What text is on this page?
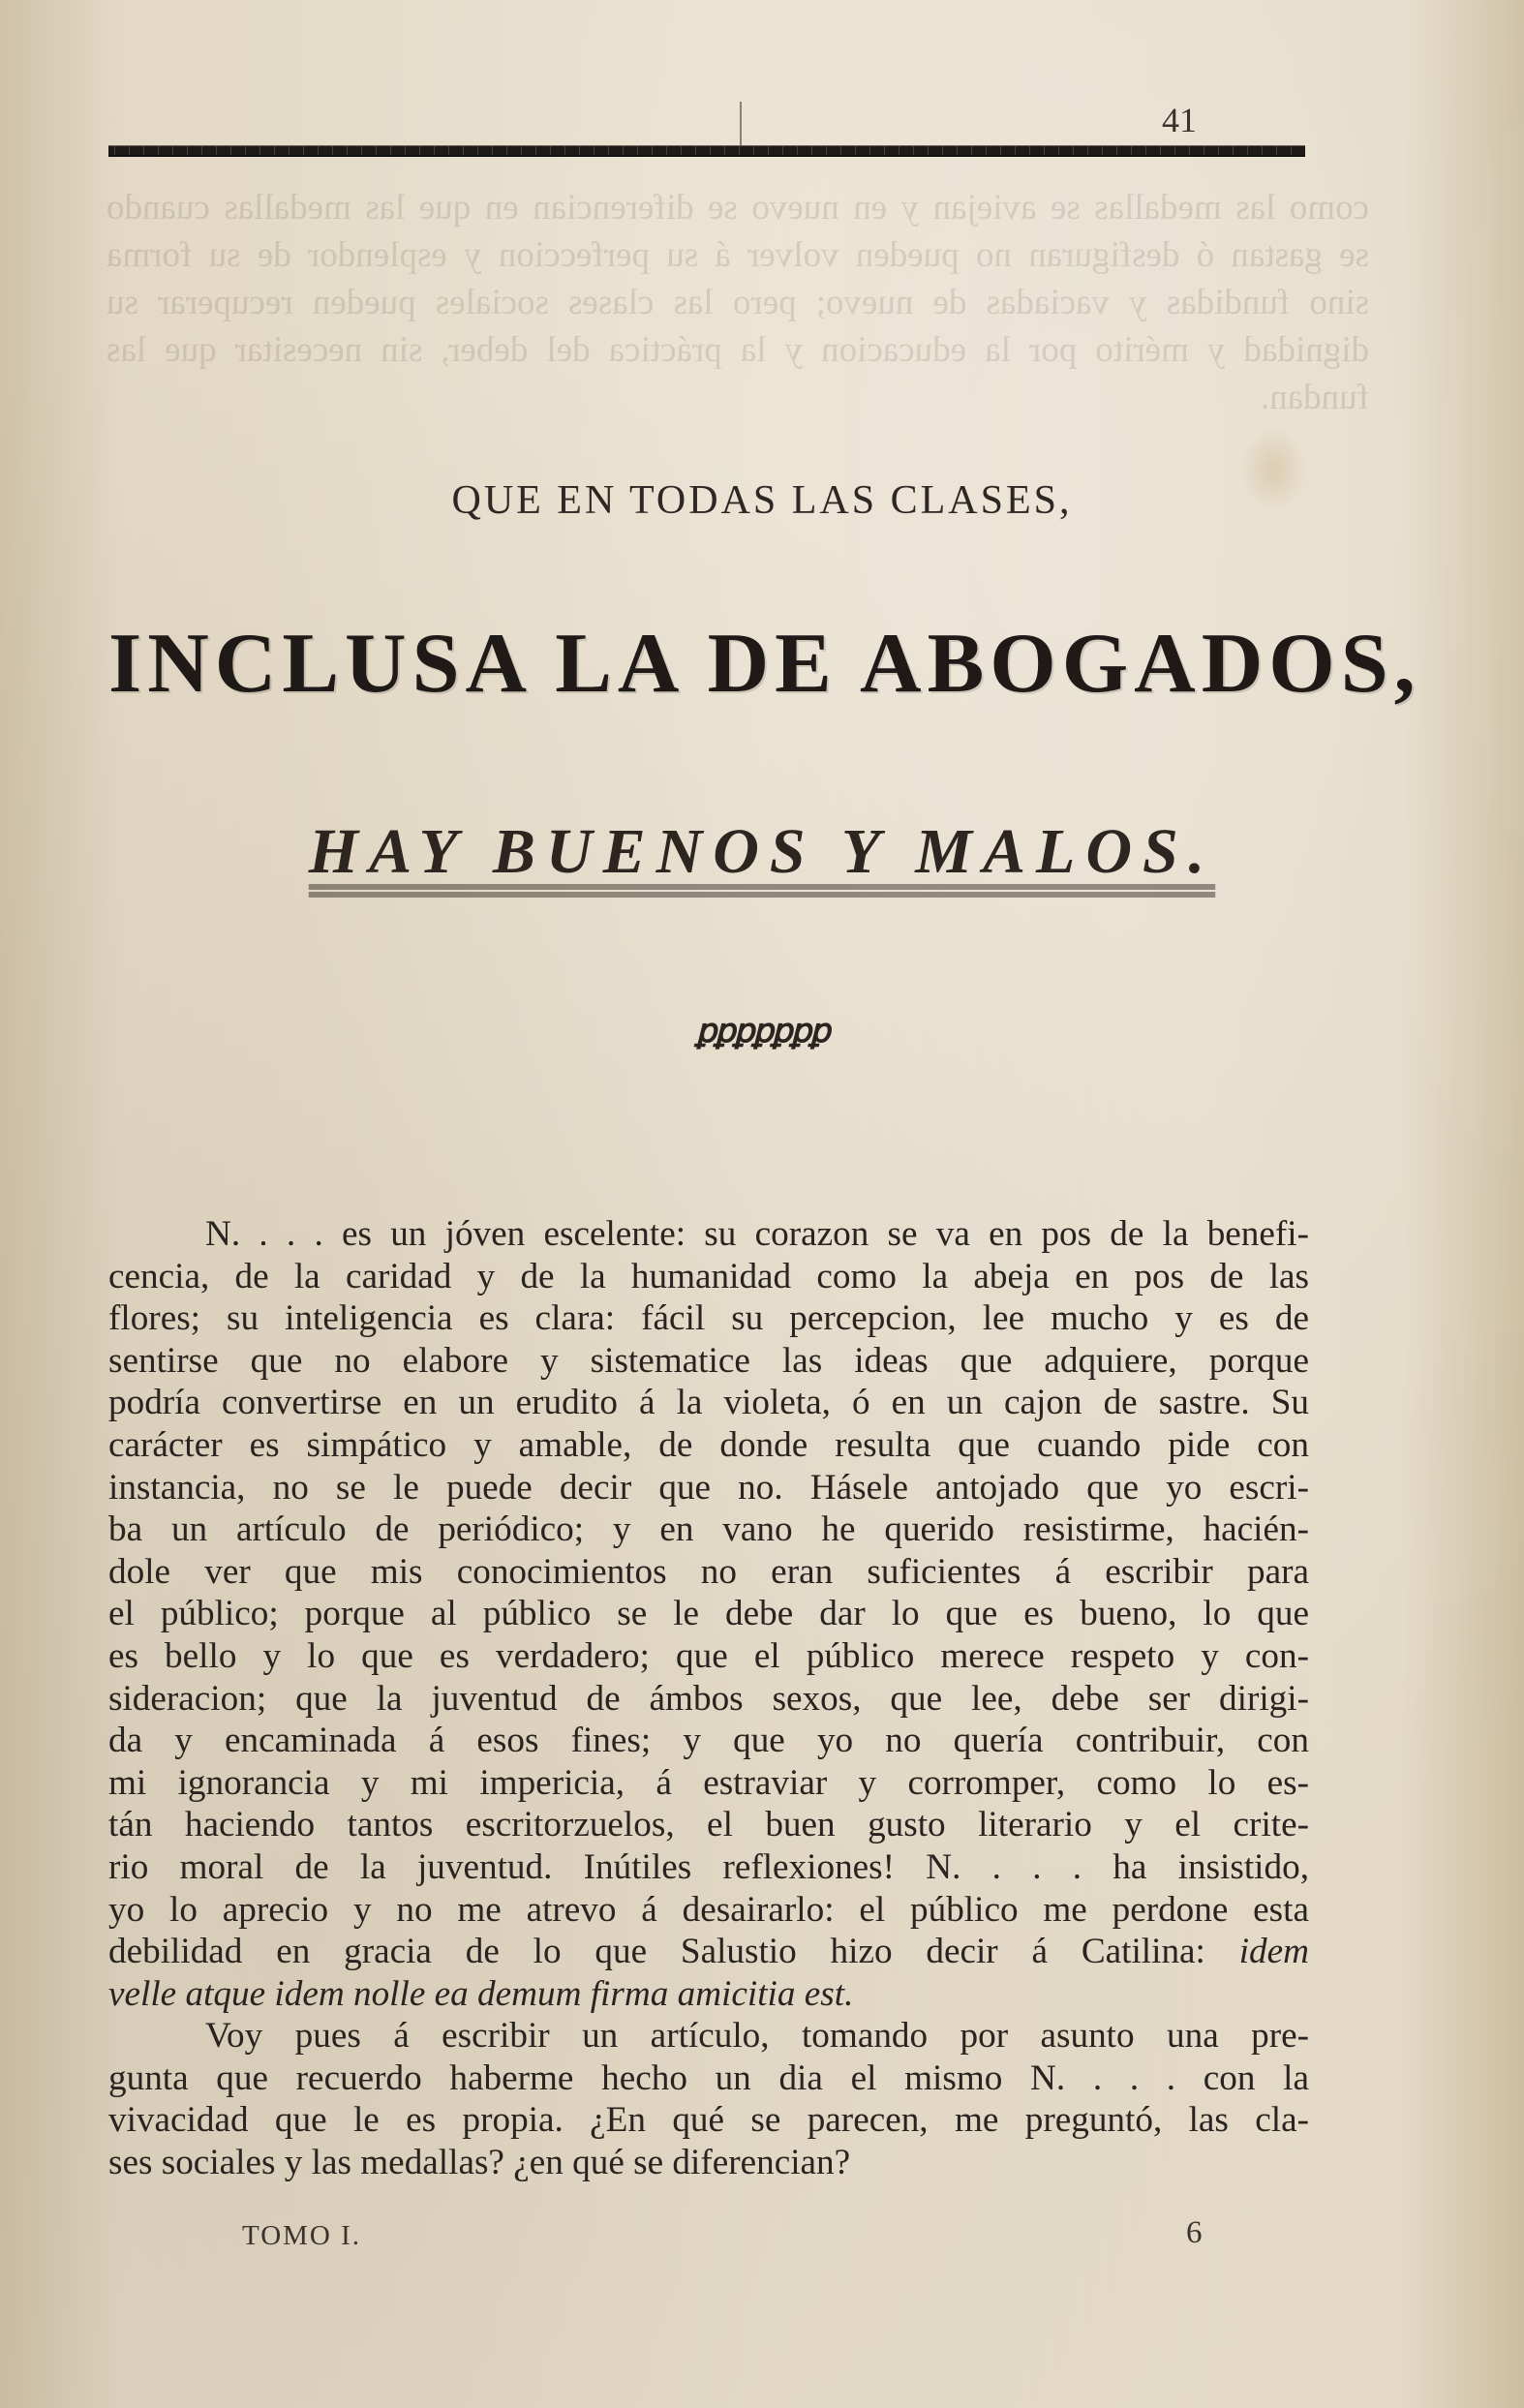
como las medallas se aviejan y en nuevo se diferencian en que las medallas cuando se gastan ó desfiguran no pueden volver á su perfeccion y esplendor de su forma sino fundidas y vaciadas de nuevo; pero las clases sociales pueden recuperar su dignidad y mérito por la educacion y la práctica del deber, sin necesitar que las fundan.
41
QUE EN TODAS LAS CLASES,
INCLUSA LA DE ABOGADOS,
HAY BUENOS Y MALOS.
ꝑꝑꝑꝑꝑꝑꝑ
N. . . . es un jóven escelente: su corazon se va en pos de la benefi-
cencia, de la caridad y de la humanidad como la abeja en pos de las
flores; su inteligencia es clara: fácil su percepcion, lee mucho y es de
sentirse que no elabore y sistematice las ideas que adquiere, porque
podría convertirse en un erudito á la violeta, ó en un cajon de sastre. Su
carácter es simpático y amable, de donde resulta que cuando pide con
instancia, no se le puede decir que no. Hásele antojado que yo escri-
ba un artículo de periódico; y en vano he querido resistirme, hacién-
dole ver que mis conocimientos no eran suficientes á escribir para
el público; porque al público se le debe dar lo que es bueno, lo que
es bello y lo que es verdadero; que el público merece respeto y con-
sideracion; que la juventud de ámbos sexos, que lee, debe ser dirigi-
da y encaminada á esos fines; y que yo no quería contribuir, con
mi ignorancia y mi impericia, á estraviar y corromper, como lo es-
tán haciendo tantos escritorzuelos, el buen gusto literario y el crite-
rio moral de la juventud. Inútiles reflexiones! N. . . . ha insistido,
yo lo aprecio y no me atrevo á desairarlo: el público me perdone esta
debilidad en gracia de lo que Salustio hizo decir á Catilina: idem
velle atque idem nolle ea demum firma amicitia est.
Voy pues á escribir un artículo, tomando por asunto una pre-
gunta que recuerdo haberme hecho un dia el mismo N. . . . con la
vivacidad que le es propia. ¿En qué se parecen, me preguntó, las cla-
ses sociales y las medallas? ¿en qué se diferencian?
TOMO I.	6
